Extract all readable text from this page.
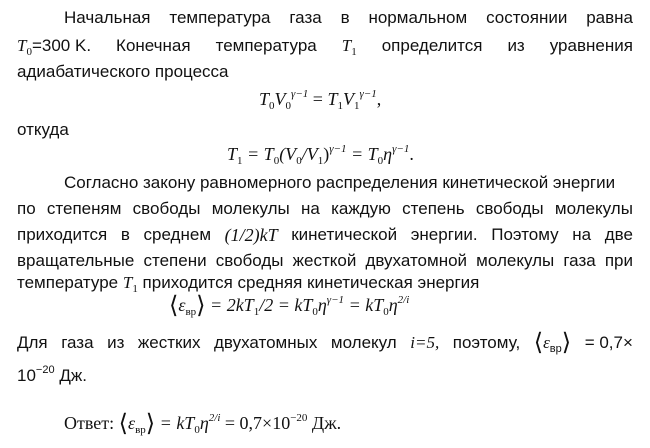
Начальная температура газа в нормальном состоянии равна
$T_0=300$ K. Конечная температура $T_1$ определится из уравнения
адиабатического процесса
$T_0V_0^{\gamma-1} = T_1V_1^{\gamma-1}$,
откуда
$T_1 = T_0(V_0/V_1)^{\gamma-1} = T_0\eta^{\gamma-1}$.
Согласно закону равномерного распределения кинетической энергии
по степеням свободы молекулы на каждую степень свободы молекулы
приходится в среднем (1/2)kT кинетической энергии. Поэтому на две
вращательные степени свободы жесткой двухатомной молекулы газа при
температуре $T_1$ приходится средняя кинетическая энергия
$⟨\varepsilon_{вр}⟩ = 2kT_1/2 = kT_0\eta^{\gamma-1} = kT_0\eta^{2/i}$
Для газа из жестких двухатомных молекул i=5, поэтому, $⟨\varepsilon_{вр}⟩ = 0,7\times$
$10^{-20}$ Дж.
Ответ: $⟨\varepsilon_{вр}⟩ = kT_0\eta^{2/i} = 0,7\times 10^{-20}$ Дж.
